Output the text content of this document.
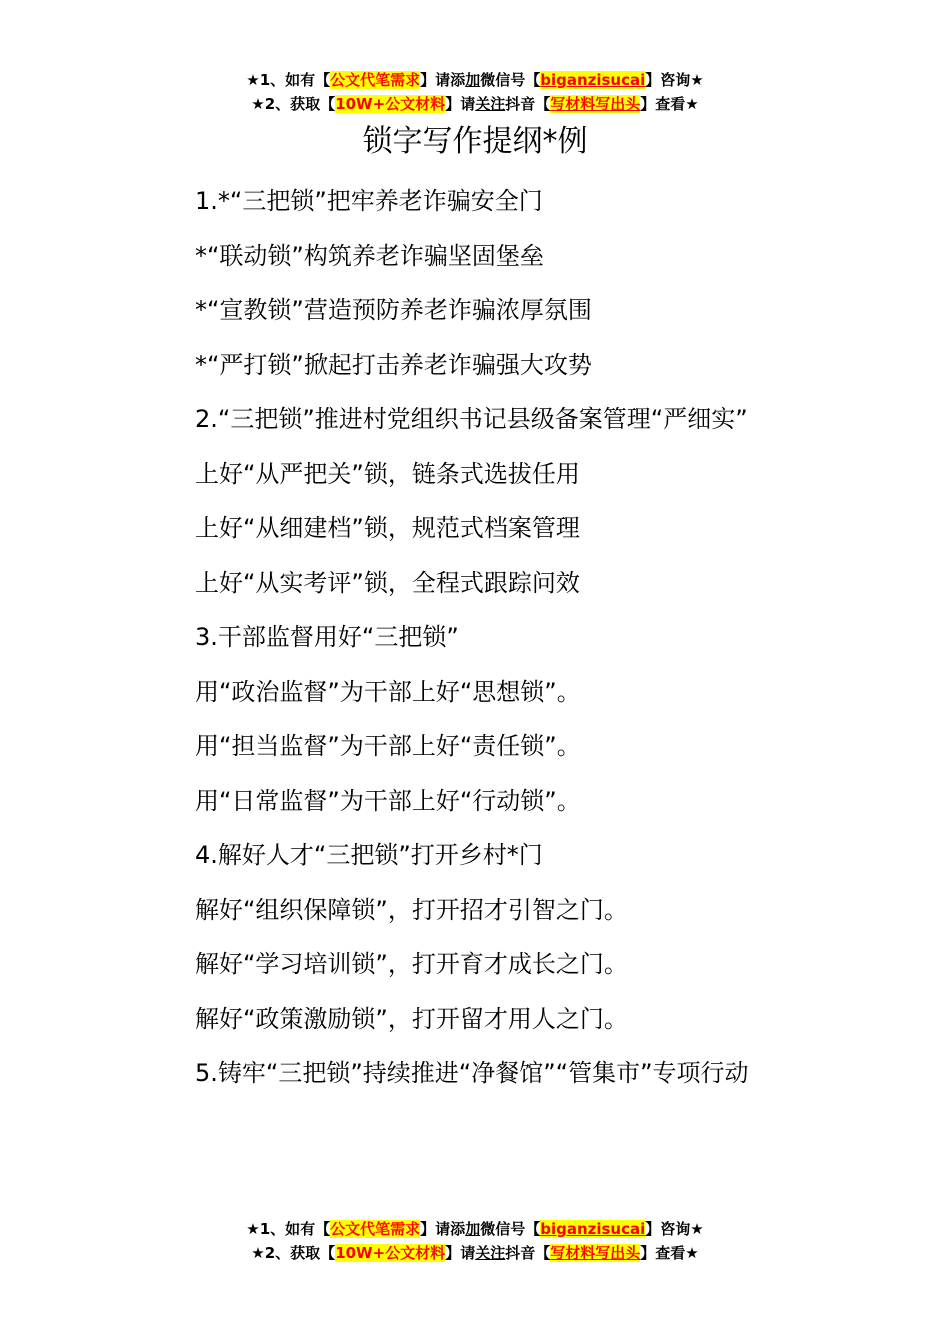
★1、如有【公文代笔需求】请添加微信号【biganzisucai】咨询★
★2、获取【10W+公文材料】请关注抖音【写材料写出头】查看★
锁字写作提纲*例

1.*“三把锁”把牢养老诈骗安全门

*“联动锁”构筑养老诈骗坚固堡垒

*“宣教锁”营造预防养老诈骗浓厚氛围

*“严打锁”掀起打击养老诈骗强大攻势

2.“三把锁”推进村党组织书记县级备案管理“严细实”

上好“从严把关”锁，链条式选拔任用

上好“从细建档”锁，规范式档案管理

上好“从实考评”锁，全程式跟踪问效

3.干部监督用好“三把锁”

用“政治监督”为干部上好“思想锁”。

用“担当监督”为干部上好“责任锁”。

用“日常监督”为干部上好“行动锁”。

4.解好人才“三把锁”打开乡村*门

解好“组织保障锁”，打开招才引智之门。

解好“学习培训锁”，打开育才成长之门。

解好“政策激励锁”，打开留才用人之门。

5.铸牢“三把锁”持续推进“净餐馆”“管集市”专项行动

★1、如有【公文代笔需求】请添加微信号【biganzisucai】咨询★
★2、获取【10W+公文材料】请关注抖音【写材料写出头】查看★
